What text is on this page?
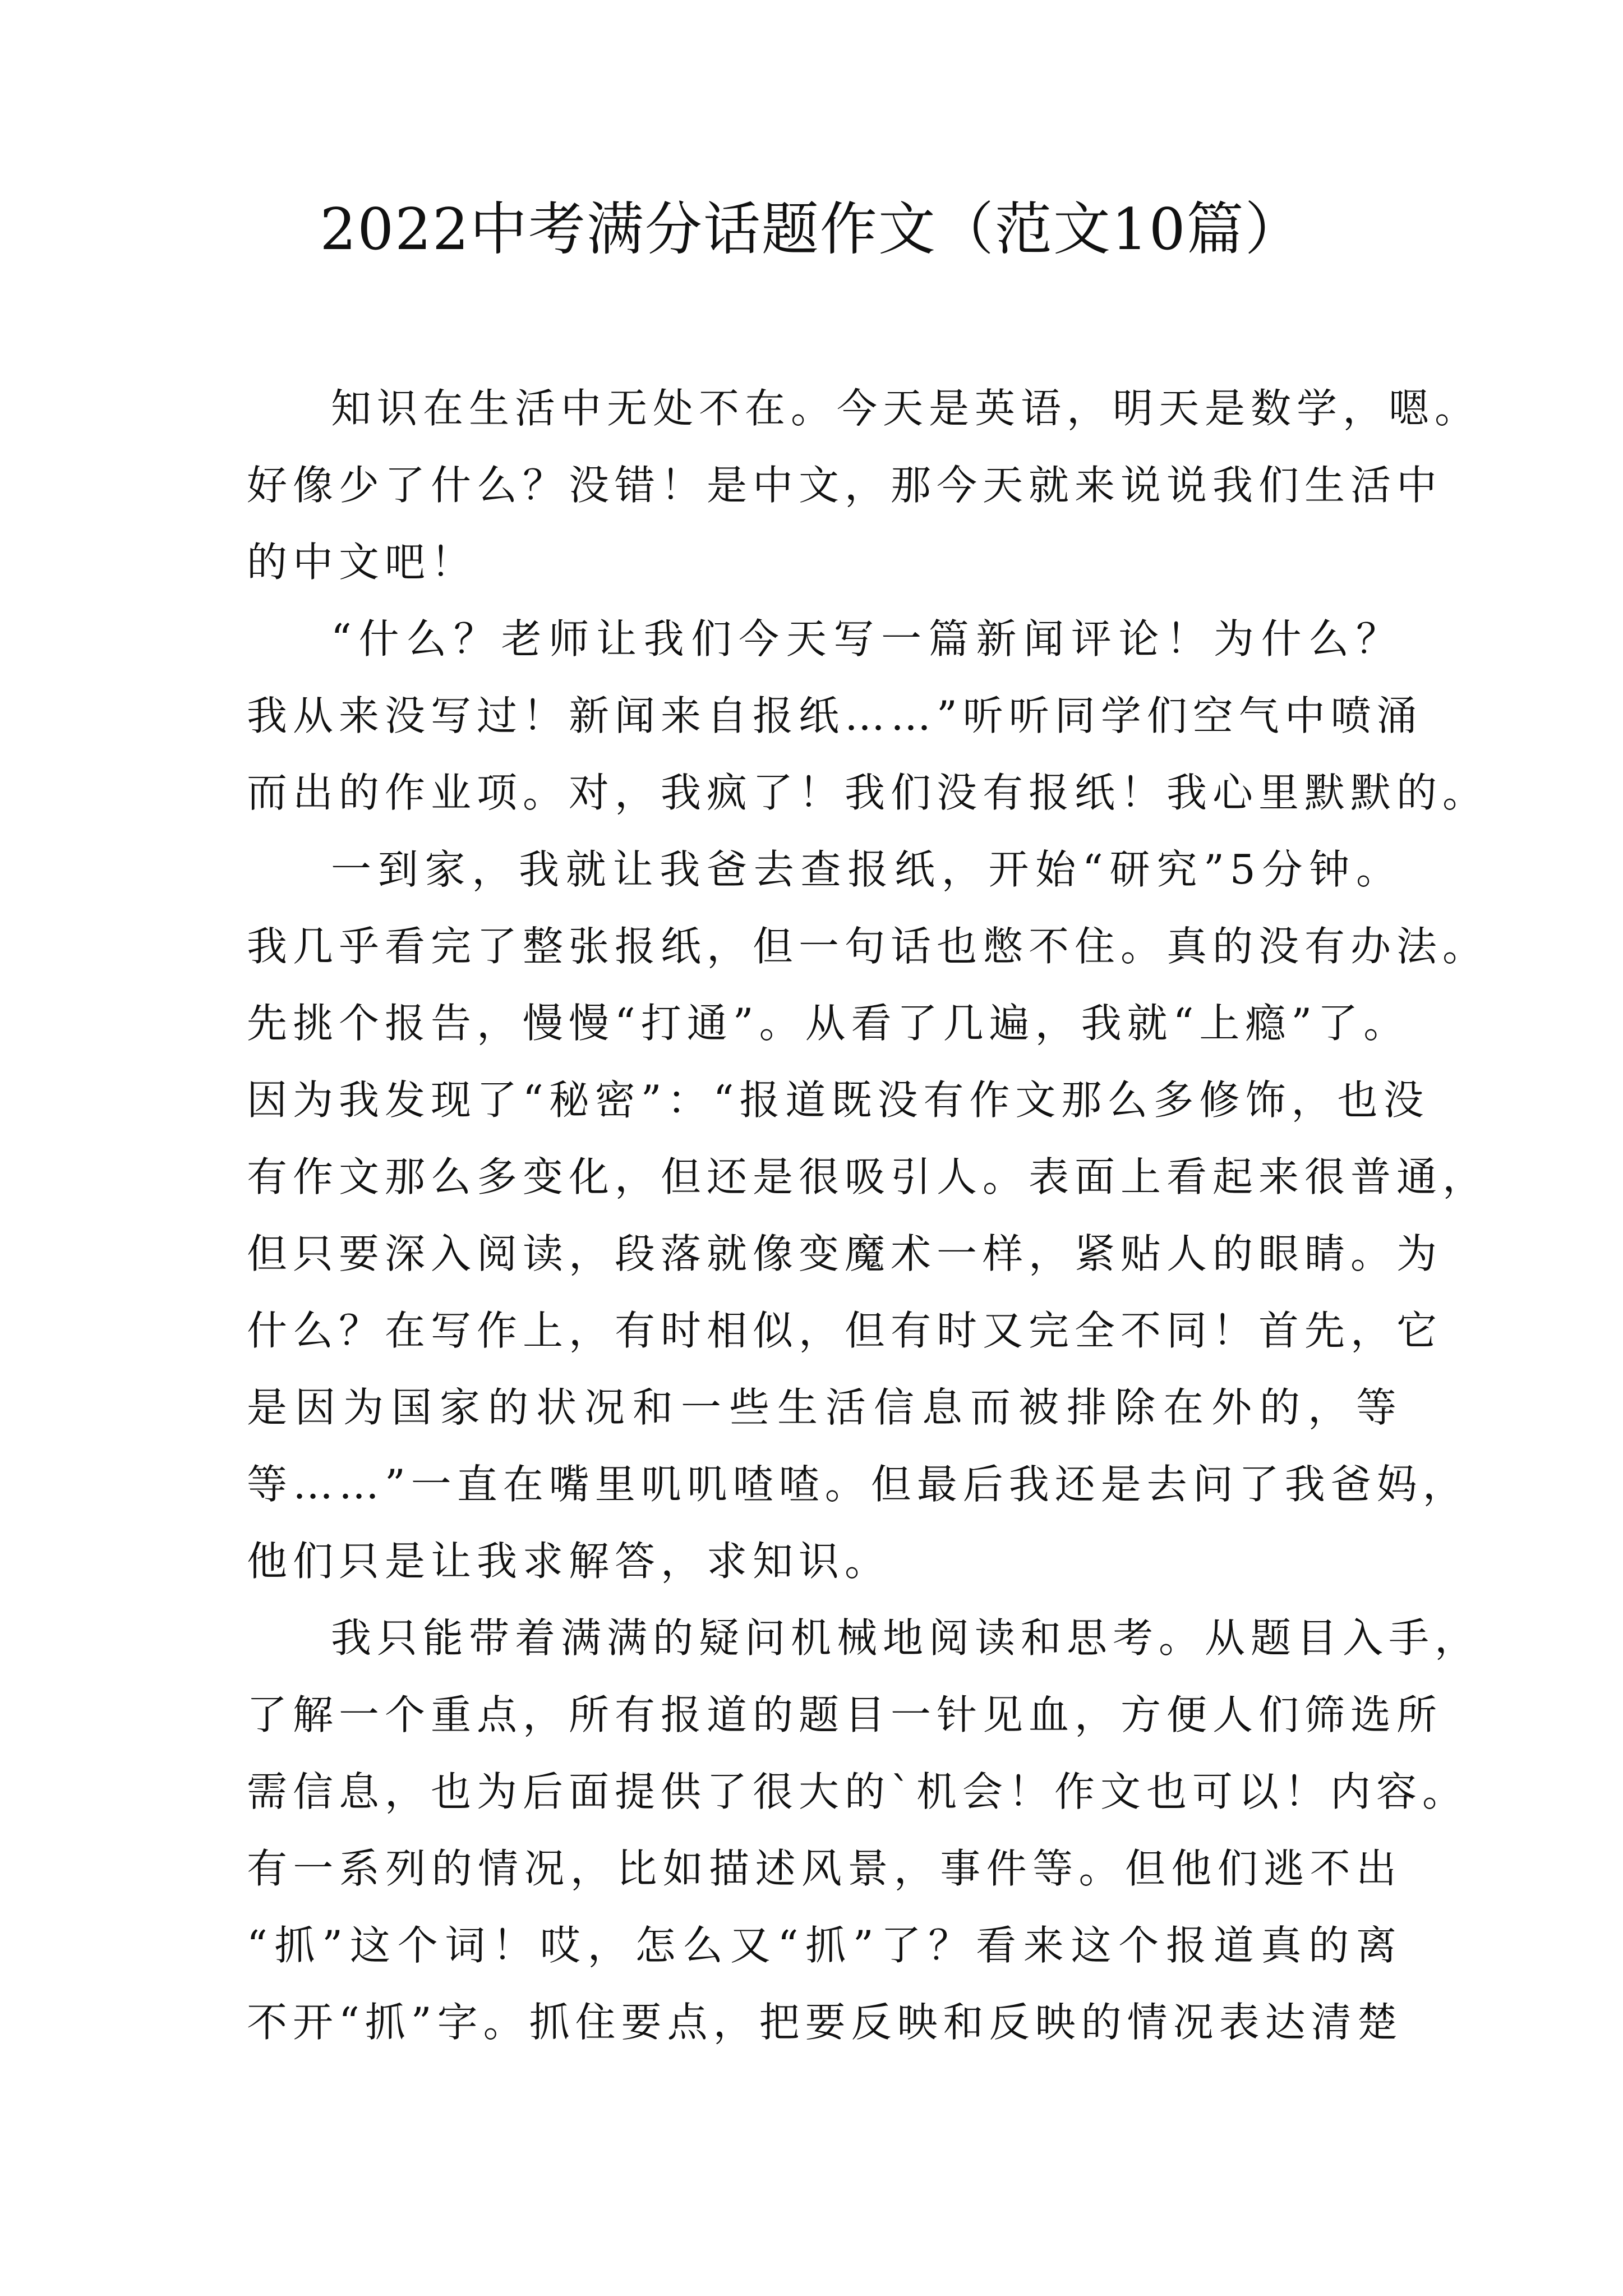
2022中考满分话题作文（范文10篇）
知识在生活中无处不在。今天是英语，明天是数学，嗯。
好像少了什么？没错！是中文，那今天就来说说我们生活中
的中文吧！
“什么？老师让我们今天写一篇新闻评论！为什么？
我从来没写过！新闻来自报纸……”听听同学们空气中喷涌
而出的作业项。对，我疯了！我们没有报纸！我心里默默的。
一到家，我就让我爸去查报纸，开始“研究”5分钟。
我几乎看完了整张报纸，但一句话也憋不住。真的没有办法。
先挑个报告，慢慢“打通”。从看了几遍，我就“上瘾”了。
因为我发现了“秘密”：“报道既没有作文那么多修饰，也没
有作文那么多变化，但还是很吸引人。表面上看起来很普通，
但只要深入阅读，段落就像变魔术一样，紧贴人的眼睛。为
什么？在写作上，有时相似，但有时又完全不同！首先，它
是因为国家的状况和一些生活信息而被排除在外的，等
等……”一直在嘴里叽叽喳喳。但最后我还是去问了我爸妈，
他们只是让我求解答，求知识。
我只能带着满满的疑问机械地阅读和思考。从题目入手，
了解一个重点，所有报道的题目一针见血，方便人们筛选所
需信息，也为后面提供了很大的`机会！作文也可以！内容。
有一系列的情况，比如描述风景，事件等。但他们逃不出
“抓”这个词！哎，怎么又“抓”了？看来这个报道真的离
不开“抓”字。抓住要点，把要反映和反映的情况表达清楚
